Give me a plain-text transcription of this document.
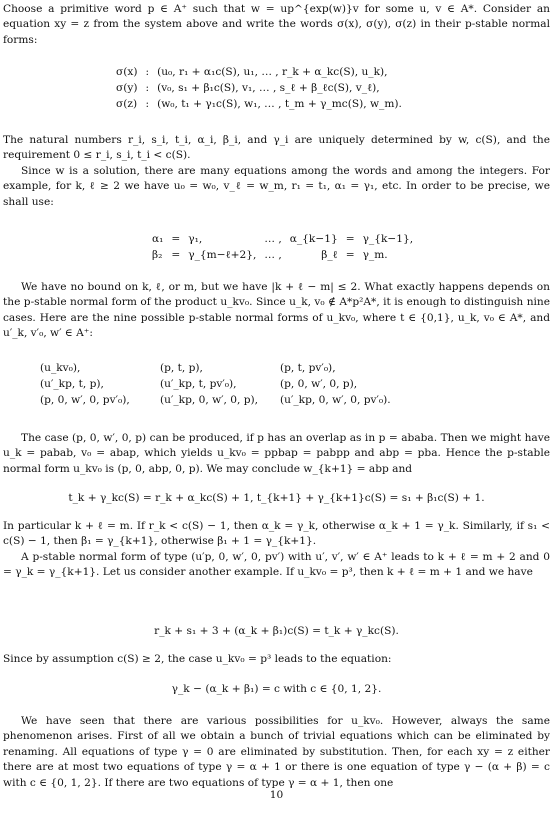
Choose a primitive word p ∈ A⁺ such that w = up^{exp(w)}v for some u, v ∈ A*. Consider an equation xy = z from the system above and write the words σ(x), σ(y), σ(z) in their p-stable normal forms:

σ(x)	:	(u₀, r₁ + α₁c(S), u₁, … , r_k + α_kc(S), u_k),
σ(y)	:	(v₀, s₁ + β₁c(S), v₁, … , s_ℓ + β_ℓc(S), v_ℓ),
σ(z)	:	(w₀, t₁ + γ₁c(S), w₁, … , t_m + γ_mc(S), w_m).

The natural numbers r_i, s_i, t_i, α_i, β_i, and γ_i are uniquely determined by w, c(S), and the requirement 0 ≤ r_i, s_i, t_i < c(S).

Since w is a solution, there are many equations among the words and among the integers. For example, for k, ℓ ≥ 2 we have u₀ = w₀, v_ℓ = w_m, r₁ = t₁, α₁ = γ₁, etc. In order to be precise, we shall use:

α₁	=	γ₁,	… ,	α_{k−1}	=	γ_{k−1},
β₂	=	γ_{m−ℓ+2},	… ,	β_ℓ	=	γ_m.

We have no bound on k, ℓ, or m, but we have |k + ℓ − m| ≤ 2. What exactly happens depends on the p-stable normal form of the product u_kv₀. Since u_k, v₀ ∉ A*p²A*, it is enough to distinguish nine cases. Here are the nine possible p-stable normal forms of u_kv₀, where t ∈ {0,1}, u_k, v₀ ∈ A*, and u′_k, v′₀, w′ ∈ A⁺:

(u_kv₀),	(p, t, p),	(p, t, pv′₀),
(u′_kp, t, p),	(u′_kp, t, pv′₀),	(p, 0, w′, 0, p),
(p, 0, w′, 0, pv′₀),	(u′_kp, 0, w′, 0, p),	(u′_kp, 0, w′, 0, pv′₀).

The case (p, 0, w′, 0, p) can be produced, if p has an overlap as in p = ababa. Then we might have u_k = pabab, v₀ = abap, which yields u_kv₀ = ppbap = pabpp and abp = pba. Hence the p-stable normal form u_kv₀ is (p, 0, abp, 0, p). We may conclude w_{k+1} = abp and

t_k + γ_kc(S) = r_k + α_kc(S) + 1, t_{k+1} + γ_{k+1}c(S) = s₁ + β₁c(S) + 1.

In particular k + ℓ = m. If r_k < c(S) − 1, then α_k = γ_k, otherwise α_k + 1 = γ_k. Similarly, if s₁ < c(S) − 1, then β₁ = γ_{k+1}, otherwise β₁ + 1 = γ_{k+1}.

A p-stable normal form of type (u′p, 0, w′, 0, pv′) with u′, v′, w′ ∈ A⁺ leads to k + ℓ = m + 2 and 0 = γ_k = γ_{k+1}. Let us consider another example. If u_kv₀ = p³, then k + ℓ = m + 1 and we have

r_k + s₁ + 3 + (α_k + β₁)c(S) = t_k + γ_kc(S).

Since by assumption c(S) ≥ 2, the case u_kv₀ = p³ leads to the equation:

γ_k − (α_k + β₁) = c with c ∈ {0, 1, 2}.

We have seen that there are various possibilities for u_kv₀. However, always the same phenomenon arises. First of all we obtain a bunch of trivial equations which can be eliminated by renaming. All equations of type γ = 0 are eliminated by substitution. Then, for each xy = z either there are at most two equations of type γ = α + 1 or there is one equation of type γ − (α + β) = c with c ∈ {0, 1, 2}. If there are two equations of type γ = α + 1, then one

10
